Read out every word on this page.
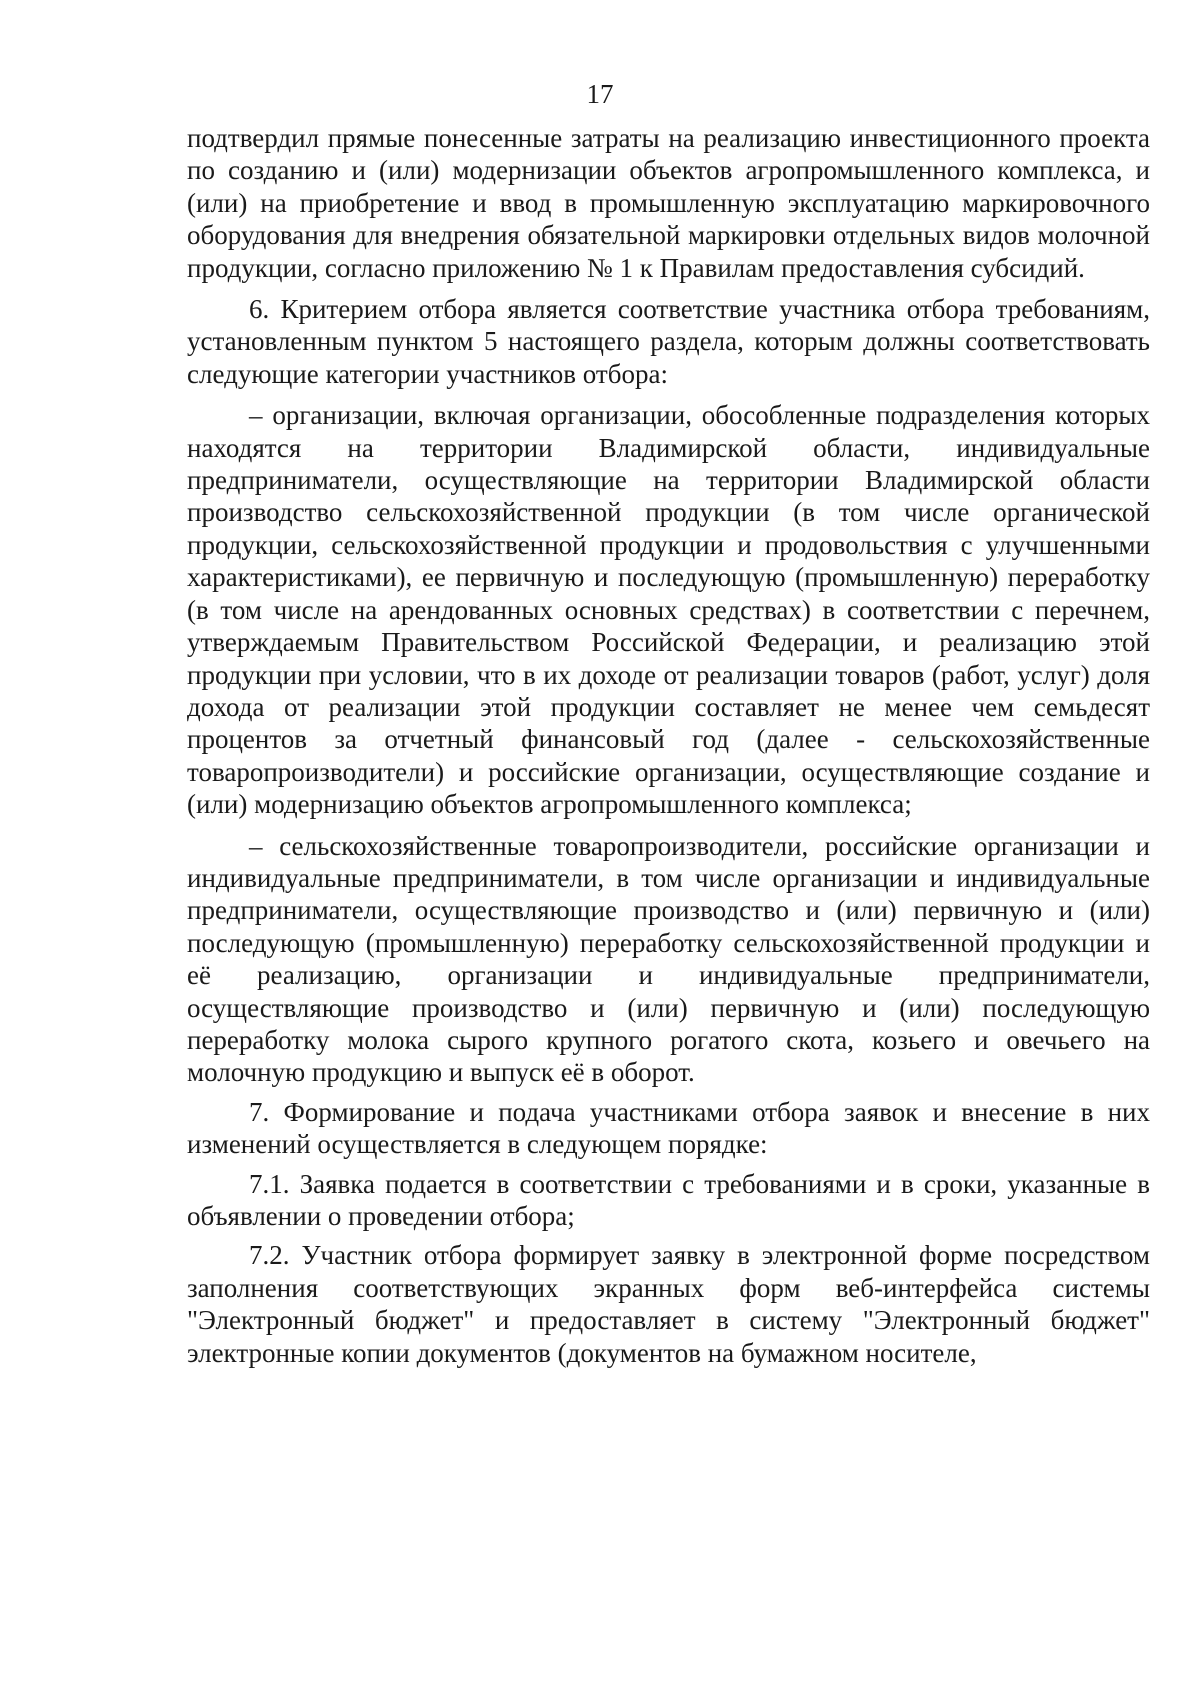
17

подтвердил прямые понесенные затраты на реализацию инвестиционного проекта по созданию и (или) модернизации объектов агропромышленного комплекса, и (или) на приобретение и ввод в промышленную эксплуатацию маркировочного оборудования для внедрения обязательной маркировки отдельных видов молочной продукции, согласно приложению № 1 к Правилам предоставления субсидий.

6. Критерием отбора является соответствие участника отбора требованиям, установленным пунктом 5 настоящего раздела, которым должны соответствовать следующие категории участников отбора:

– организации, включая организации, обособленные подразделения которых находятся на территории Владимирской области, индивидуальные предприниматели, осуществляющие на территории Владимирской области производство сельскохозяйственной продукции (в том числе органической продукции, сельскохозяйственной продукции и продовольствия с улучшенными характеристиками), ее первичную и последующую (промышленную) переработку (в том числе на арендованных основных средствах) в соответствии с перечнем, утверждаемым Правительством Российской Федерации, и реализацию этой продукции при условии, что в их доходе от реализации товаров (работ, услуг) доля дохода от реализации этой продукции составляет не менее чем семьдесят процентов за отчетный финансовый год (далее - сельскохозяйственные товаропроизводители) и российские организации, осуществляющие создание и (или) модернизацию объектов агропромышленного комплекса;

– сельскохозяйственные товаропроизводители, российские организации и индивидуальные предприниматели, в том числе организации и индивидуальные предприниматели, осуществляющие производство и (или) первичную и (или) последующую (промышленную) переработку сельскохозяйственной продукции и её реализацию, организации и индивидуальные предприниматели, осуществляющие производство и (или) первичную и (или) последующую переработку молока сырого крупного рогатого скота, козьего и овечьего на молочную продукцию и выпуск её в оборот.

7. Формирование и подача участниками отбора заявок и внесение в них изменений осуществляется в следующем порядке:

7.1. Заявка подается в соответствии с требованиями и в сроки, указанные в объявлении о проведении отбора;

7.2. Участник отбора формирует заявку в электронной форме посредством заполнения соответствующих экранных форм веб-интерфейса системы "Электронный бюджет" и предоставляет в систему "Электронный бюджет" электронные копии документов (документов на бумажном носителе,
